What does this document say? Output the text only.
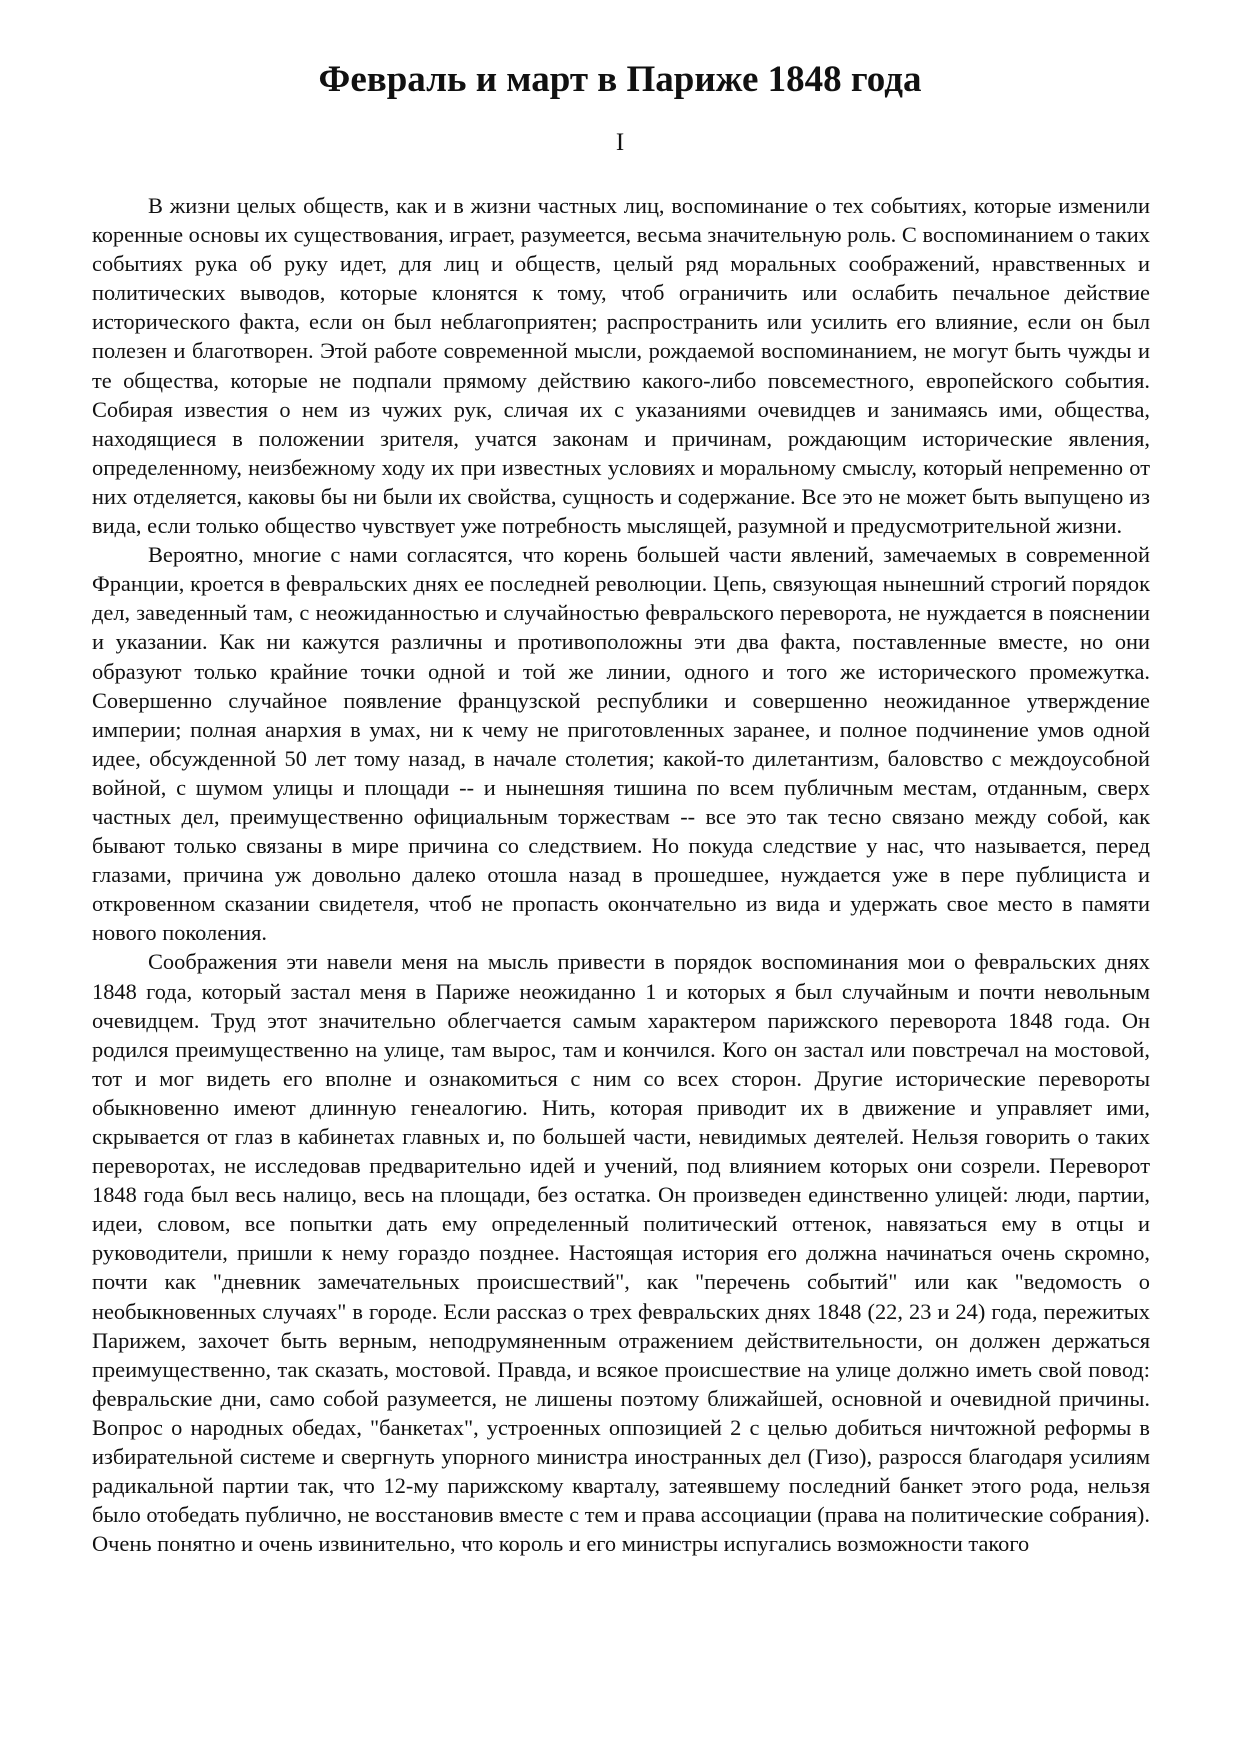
Февраль и март в Париже 1848 года
I

В жизни целых обществ, как и в жизни частных лиц, воспоминание о тех событиях, которые изменили коренные основы их существования, играет, разумеется, весьма значительную роль. С воспоминанием о таких событиях рука об руку идет, для лиц и обществ, целый ряд моральных соображений, нравственных и политических выводов, которые клонятся к тому, чтоб ограничить или ослабить печальное действие исторического факта, если он был неблагоприятен; распространить или усилить его влияние, если он был полезен и благотворен. Этой работе современной мысли, рождаемой воспоминанием, не могут быть чужды и те общества, которые не подпали прямому действию какого-либо повсеместного, европейского события. Собирая известия о нем из чужих рук, сличая их с указаниями очевидцев и занимаясь ими, общества, находящиеся в положении зрителя, учатся законам и причинам, рождающим исторические явления, определенному, неизбежному ходу их при известных условиях и моральному смыслу, который непременно от них отделяется, каковы бы ни были их свойства, сущность и содержание. Все это не может быть выпущено из вида, если только общество чувствует уже потребность мыслящей, разумной и предусмотрительной жизни.

Вероятно, многие с нами согласятся, что корень большей части явлений, замечаемых в современной Франции, кроется в февральских днях ее последней революции. Цепь, связующая нынешний строгий порядок дел, заведенный там, с неожиданностью и случайностью февральского переворота, не нуждается в пояснении и указании. Как ни кажутся различны и противоположны эти два факта, поставленные вместе, но они образуют только крайние точки одной и той же линии, одного и того же исторического промежутка. Совершенно случайное появление французской республики и совершенно неожиданное утверждение империи; полная анархия в умах, ни к чему не приготовленных заранее, и полное подчинение умов одной идее, обсужденной 50 лет тому назад, в начале столетия; какой-то дилетантизм, баловство с междоусобной войной, с шумом улицы и площади -- и нынешняя тишина по всем публичным местам, отданным, сверх частных дел, преимущественно официальным торжествам -- все это так тесно связано между собой, как бывают только связаны в мире причина со следствием. Но покуда следствие у нас, что называется, перед глазами, причина уж довольно далеко отошла назад в прошедшее, нуждается уже в пере публициста и откровенном сказании свидетеля, чтоб не пропасть окончательно из вида и удержать свое место в памяти нового поколения.

Соображения эти навели меня на мысль привести в порядок воспоминания мои о февральских днях 1848 года, который застал меня в Париже неожиданно 1 и которых я был случайным и почти невольным очевидцем. Труд этот значительно облегчается самым характером парижского переворота 1848 года. Он родился преимущественно на улице, там вырос, там и кончился. Кого он застал или повстречал на мостовой, тот и мог видеть его вполне и ознакомиться с ним со всех сторон. Другие исторические перевороты обыкновенно имеют длинную генеалогию. Нить, которая приводит их в движение и управляет ими, скрывается от глаз в кабинетах главных и, по большей части, невидимых деятелей. Нельзя говорить о таких переворотах, не исследовав предварительно идей и учений, под влиянием которых они созрели. Переворот 1848 года был весь налицо, весь на площади, без остатка. Он произведен единственно улицей: люди, партии, идеи, словом, все попытки дать ему определенный политический оттенок, навязаться ему в отцы и руководители, пришли к нему гораздо позднее. Настоящая история его должна начинаться очень скромно, почти как "дневник замечательных происшествий", как "перечень событий" или как "ведомость о необыкновенных случаях" в городе. Если рассказ о трех февральских днях 1848 (22, 23 и 24) года, пережитых Парижем, захочет быть верным, неподрумяненным отражением действительности, он должен держаться преимущественно, так сказать, мостовой. Правда, и всякое происшествие на улице должно иметь свой повод: февральские дни, само собой разумеется, не лишены поэтому ближайшей, основной и очевидной причины. Вопрос о народных обедах, "банкетах", устроенных оппозицией 2 с целью добиться ничтожной реформы в избирательной системе и свергнуть упорного министра иностранных дел (Гизо), разросся благодаря усилиям радикальной партии так, что 12-му парижскому кварталу, затеявшему последний банкет этого рода, нельзя было отобедать публично, не восстановив вместе с тем и права ассоциации (права на политические собрания). Очень понятно и очень извинительно, что король и его министры испугались возможности такого
